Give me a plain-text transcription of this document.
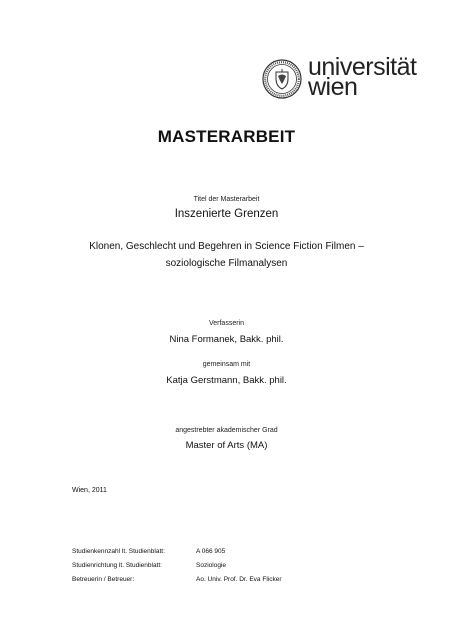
universität
wien
MASTERARBEIT
Titel der Masterarbeit
Inszenierte Grenzen
Klonen, Geschlecht und Begehren in Science Fiction Filmen –
soziologische Filmanalysen
Verfasserin
Nina Formanek, Bakk. phil.
gemeinsam mit
Katja Gerstmann, Bakk. phil.
angestrebter akademischer Grad
Master of Arts (MA)
Wien, 2011
Studienkennzahl lt. Studienblatt:	A 066 905
Studienrichtung lt. Studienblatt:	Soziologie
Betreuerin / Betreuer:	Ao. Univ. Prof. Dr. Eva Flicker
